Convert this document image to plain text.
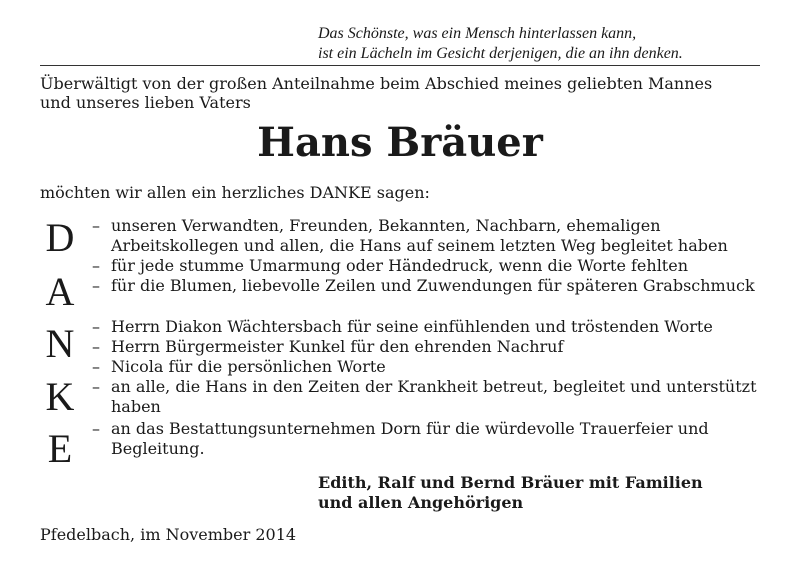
Das Schönste, was ein Mensch hinterlassen kann,
ist ein Lächeln im Gesicht derjenigen, die an ihn denken.
Überwältigt von der großen Anteilnahme beim Abschied meines geliebten Mannes
und unseres lieben Vaters
Hans Bräuer
möchten wir allen ein herzliches DANKE sagen:
D
A
N
K
E
– unseren Verwandten, Freunden, Bekannten, Nachbarn, ehemaligen Arbeitskollegen und allen, die Hans auf seinem letzten Weg begleitet haben
– für jede stumme Umarmung oder Händedruck, wenn die Worte fehlten
– für die Blumen, liebevolle Zeilen und Zuwendungen für späteren Grabschmuck
– Herrn Diakon Wächtersbach für seine einfühlenden und tröstenden Worte
– Herrn Bürgermeister Kunkel für den ehrenden Nachruf
– Nicola für die persönlichen Worte
– an alle, die Hans in den Zeiten der Krankheit betreut, begleitet und unterstützt haben
– an das Bestattungsunternehmen Dorn für die würdevolle Trauerfeier und Begleitung.
Edith, Ralf und Bernd Bräuer mit Familien
und allen Angehörigen
Pfedelbach, im November 2014
